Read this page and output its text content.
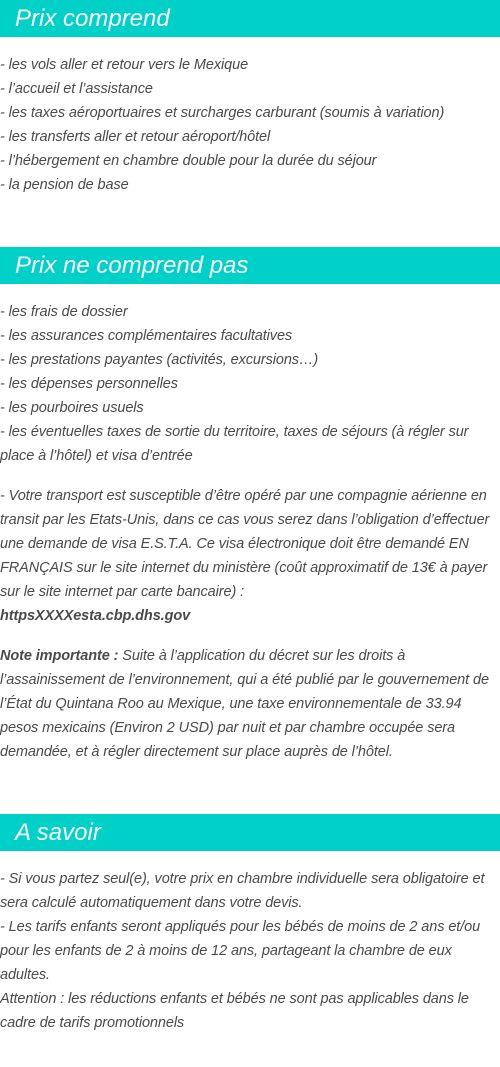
Prix comprend

- les vols aller et retour vers le Mexique

- l’accueil et l’assistance

- les taxes aéroportuaires et surcharges carburant (soumis à variation)

- les transferts aller et retour aéroport/hôtel

- l’hébergement en chambre double pour la durée du séjour

- la pension de base

Prix ne comprend pas

- les frais de dossier

- les assurances complémentaires facultatives

- les prestations payantes (activités, excursions…)

- les dépenses personnelles

- les pourboires usuels

- les éventuelles taxes de sortie du territoire, taxes de séjours (à régler sur place à l’hôtel) et visa d’entrée

- Votre transport est susceptible d’être opéré par une compagnie aérienne en transit par les Etats-Unis, dans ce cas vous serez dans l’obligation d’effectuer une demande de visa E.S.T.A. Ce visa électronique doit être demandé EN FRANÇAIS sur le site internet du ministère (coût approximatif de 13€ à payer sur le site internet par carte bancaire) :

httpsXXXXesta.cbp.dhs.gov

Note importante : Suite à l’application du décret sur les droits à l’assainissement de l’environnement, qui a été publié par le gouvernement de l’État du Quintana Roo au Mexique, une taxe environnementale de 33.94 pesos mexicains (Environ 2 USD) par nuit et par chambre occupée sera demandée, et à régler directement sur place auprès de l’hôtel.

A savoir

- Si vous partez seul(e), votre prix en chambre individuelle sera obligatoire et sera calculé automatiquement dans votre devis.

- Les tarifs enfants seront appliqués pour les bébés de moins de 2 ans et/ou pour les enfants de 2 à moins de 12 ans, partageant la chambre de eux adultes.

Attention : les réductions enfants et bébés ne sont pas applicables dans le cadre de tarifs promotionnels
